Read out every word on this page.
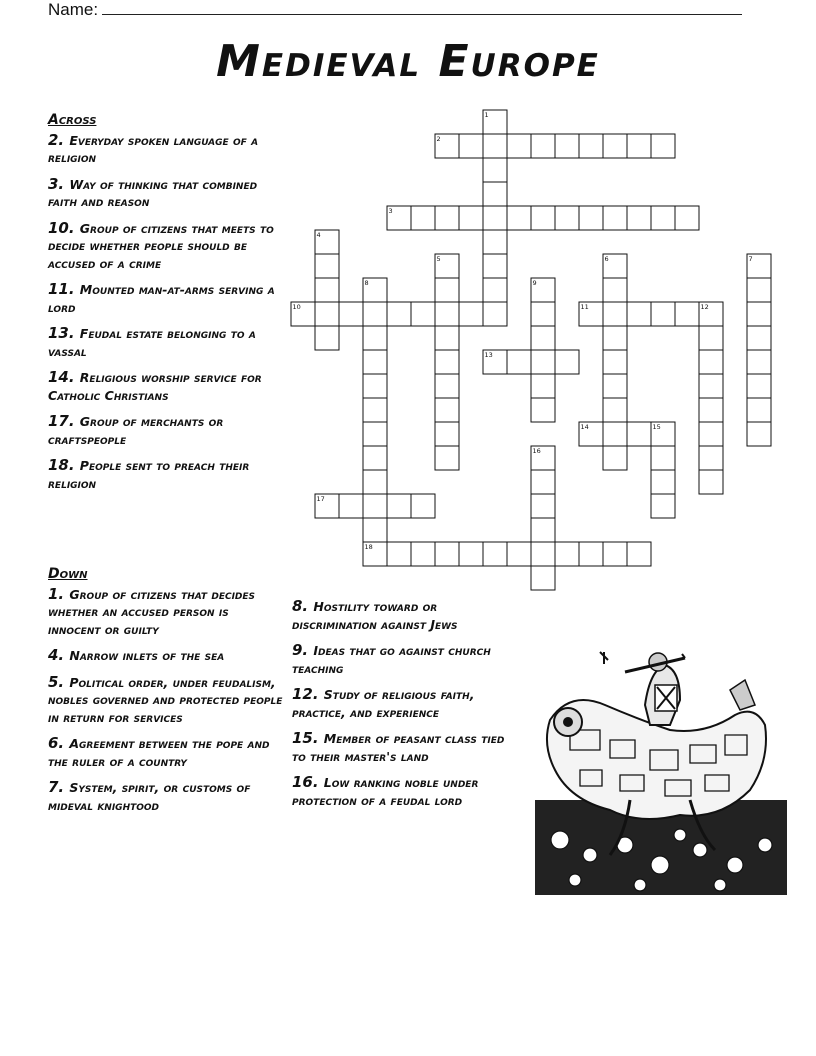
Name:
Medieval Europe
Across
2. Everyday spoken language of a religion
3. Way of thinking that combined faith and reason
10. Group of citizens that meets to decide whether people should be accused of a crime
11. Mounted man-at-arms serving a lord
13. Feudal estate belonging to a vassal
14. Religious worship service for Catholic Christians
17. Group of merchants or craftspeople
18. People sent to preach their religion
Down
1. Group of citizens that decides whether an accused person is innocent or guilty
4. Narrow inlets of the sea
5. Political order, under feudalism, nobles governed and protected people in return for services
6. Agreement between the pope and the ruler of a country
7. System, spirit, or customs of mideval knightood
8. Hostility toward or discrimination against Jews
9. Ideas that go against church teaching
12. Study of religious faith, practice, and experience
15. Member of peasant class tied to their master's land
16. Low ranking noble under protection of a feudal lord
1
2
3
4
5	6	7
8	9
10	11	12
13
14	15
16
17
18
